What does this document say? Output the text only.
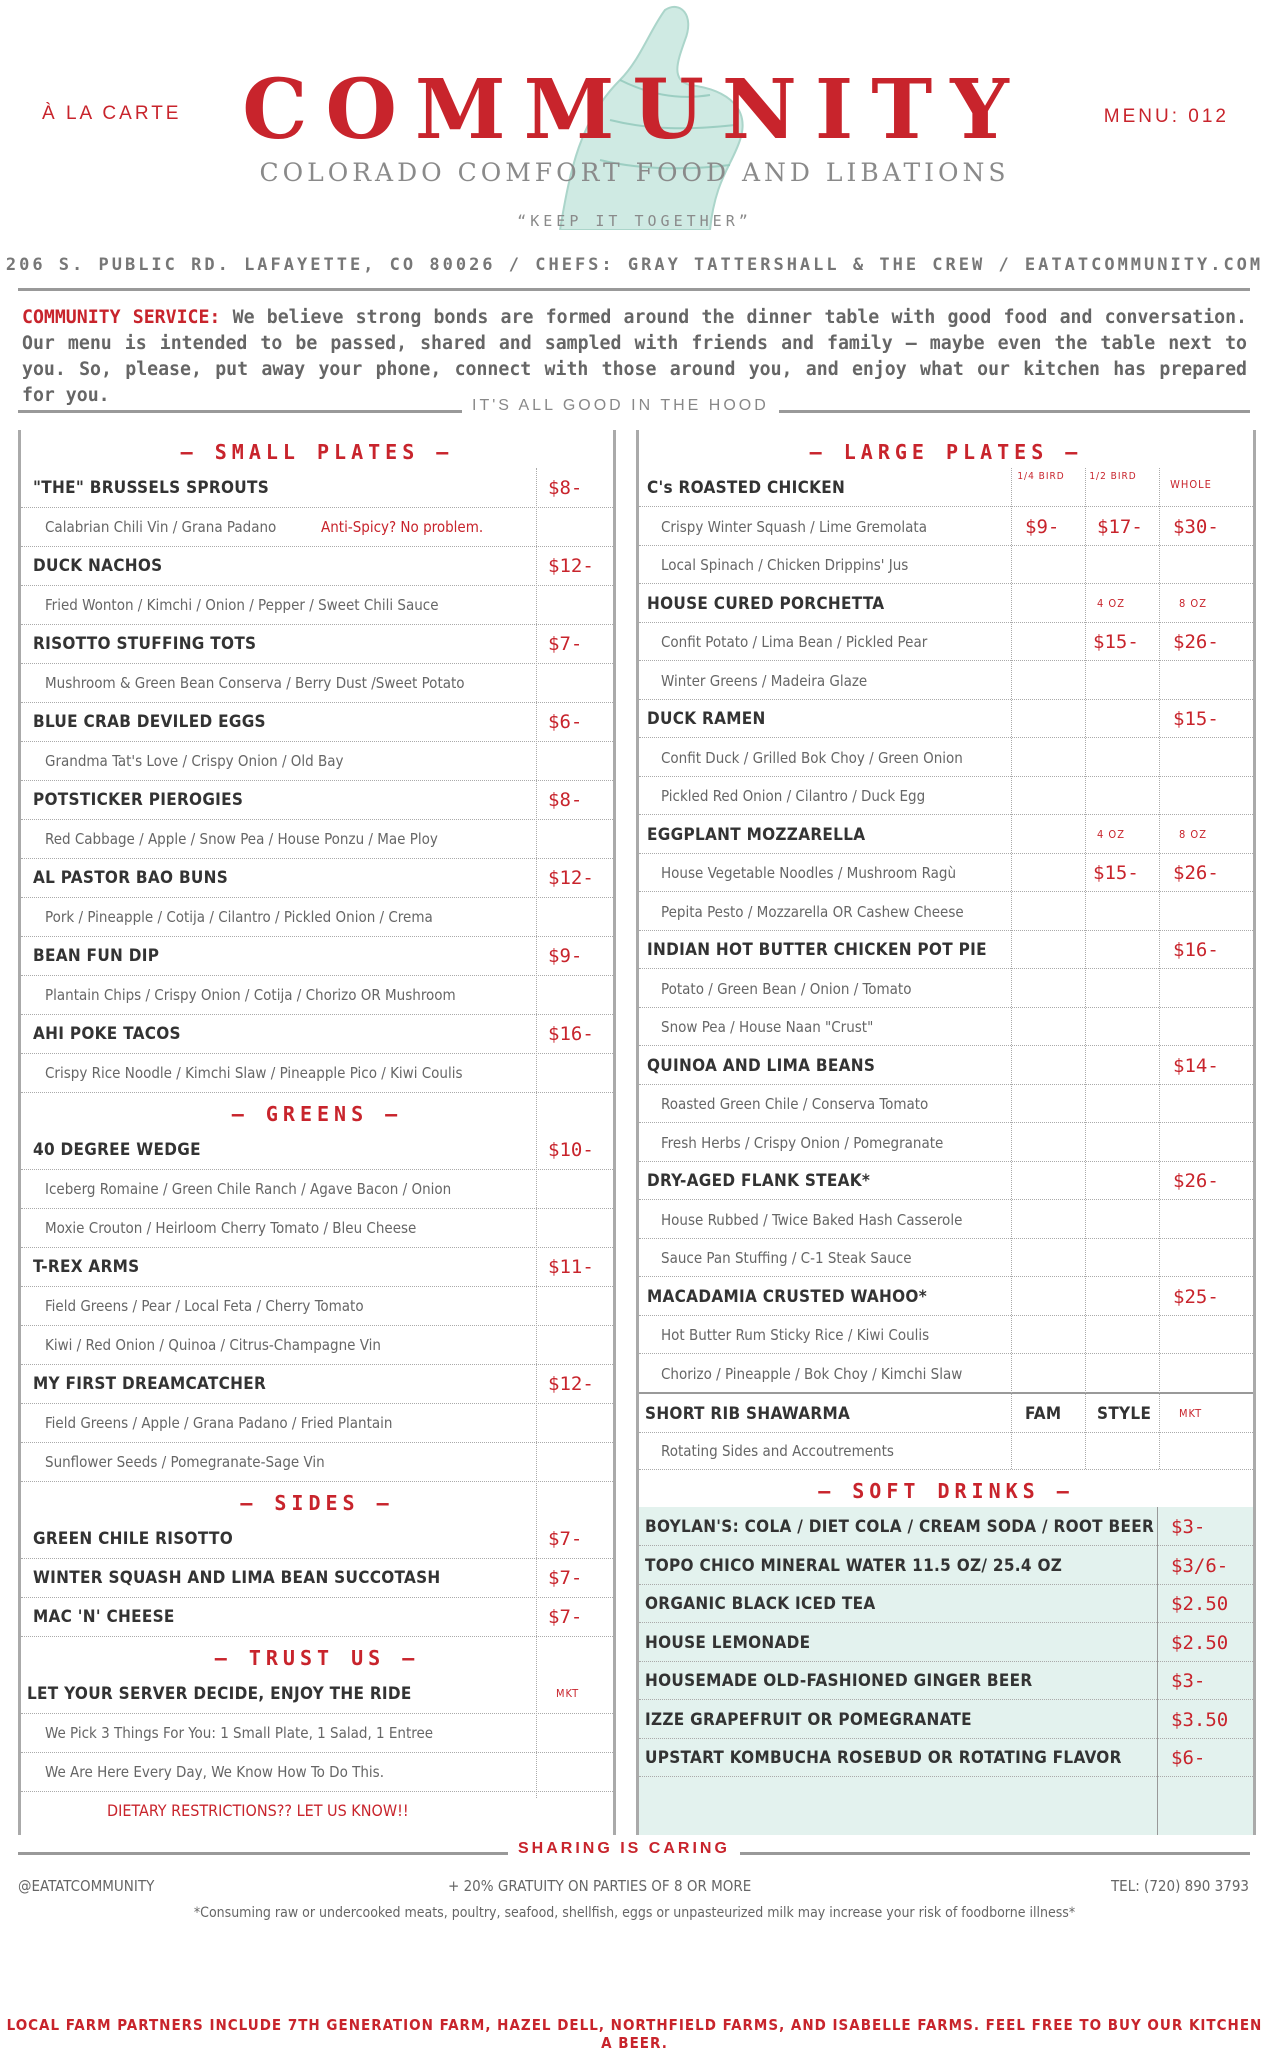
À LA CARTE	MENU: 012
COMMUNITY
COLORADO COMFORT FOOD AND LIBATIONS
“KEEP IT TOGETHER”
206 S. PUBLIC RD. LAFAYETTE, CO 80026 / CHEFS: GRAY TATTERSHALL & THE CREW / EATATCOMMUNITY.COM
COMMUNITY SERVICE: We believe strong bonds are formed around the dinner table with good food and conversation. Our menu is intended to be passed, shared and sampled with friends and family – maybe even the table next to you. So, please, put away your phone, connect with those around you, and enjoy what our kitchen has prepared for you.	IT'S ALL GOOD IN THE HOOD
— SMALL PLATES —
"THE" BRUSSELS SPROUTS	$8-
Calabrian Chili Vin / Grana Padano	Anti-Spicy? No problem.
DUCK NACHOS	$12-
Fried Wonton / Kimchi / Onion / Pepper / Sweet Chili Sauce
RISOTTO STUFFING TOTS	$7-
Mushroom & Green Bean Conserva / Berry Dust /Sweet Potato
BLUE CRAB DEVILED EGGS	$6-
Grandma Tat's Love / Crispy Onion / Old Bay
POTSTICKER PIEROGIES	$8-
Red Cabbage / Apple / Snow Pea / House Ponzu / Mae Ploy
AL PASTOR BAO BUNS	$12-
Pork / Pineapple / Cotija / Cilantro / Pickled Onion / Crema
BEAN FUN DIP	$9-
Plantain Chips / Crispy Onion / Cotija / Chorizo OR Mushroom
AHI POKE TACOS	$16-
Crispy Rice Noodle / Kimchi Slaw / Pineapple Pico / Kiwi Coulis
— GREENS —
40 DEGREE WEDGE	$10-
Iceberg Romaine / Green Chile Ranch / Agave Bacon / Onion
Moxie Crouton / Heirloom Cherry Tomato / Bleu Cheese
T-REX ARMS	$11-
Field Greens / Pear / Local Feta / Cherry Tomato
Kiwi / Red Onion / Quinoa / Citrus-Champagne Vin
MY FIRST DREAMCATCHER	$12-
Field Greens / Apple / Grana Padano / Fried Plantain
Sunflower Seeds / Pomegranate-Sage Vin
— SIDES —
GREEN CHILE RISOTTO	$7-
WINTER SQUASH AND LIMA BEAN SUCCOTASH	$7-
MAC 'N' CHEESE	$7-
— TRUST US —
LET YOUR SERVER DECIDE, ENJOY THE RIDE	MKT
We Pick 3 Things For You: 1 Small Plate, 1 Salad, 1 Entree
We Are Here Every Day, We Know How To Do This.
DIETARY RESTRICTIONS?? LET US KNOW!!
— LARGE PLATES —
C's ROASTED CHICKEN
1/4 BIRD 1/2 BIRD
WHOLE
Crispy Winter Squash / Lime Gremolata	$9- $17- $30-
Local Spinach / Chicken Drippins' Jus
HOUSE CURED PORCHETTA	4 OZ	8 OZ
Confit Potato / Lima Bean / Pickled Pear	$15- $26-
Winter Greens / Madeira Glaze
DUCK RAMEN	$15-
Confit Duck / Grilled Bok Choy / Green Onion
Pickled Red Onion / Cilantro / Duck Egg
EGGPLANT MOZZARELLA	4 OZ	8 OZ
House Vegetable Noodles / Mushroom Ragù	$15- $26-
Pepita Pesto / Mozzarella OR Cashew Cheese
INDIAN HOT BUTTER CHICKEN POT PIE	$16-
Potato / Green Bean / Onion / Tomato
Snow Pea / House Naan "Crust"
QUINOA AND LIMA BEANS	$14-
Roasted Green Chile / Conserva Tomato
Fresh Herbs / Crispy Onion / Pomegranate
DRY-AGED FLANK STEAK*	$26-
House Rubbed / Twice Baked Hash Casserole
Sauce Pan Stuffing / C-1 Steak Sauce
MACADAMIA CRUSTED WAHOO*	$25-
Hot Butter Rum Sticky Rice / Kiwi Coulis
Chorizo / Pineapple / Bok Choy / Kimchi Slaw
SHORT RIB SHAWARMA	FAM STYLE	MKT
Rotating Sides and Accoutrements
— SOFT DRINKS —
BOYLAN'S: COLA / DIET COLA / CREAM SODA / ROOT BEER $3-
TOPO CHICO MINERAL WATER 11.5 OZ/ 25.4 OZ	$3/6-
ORGANIC BLACK ICED TEA	$2.50
HOUSE LEMONADE	$2.50
HOUSEMADE OLD-FASHIONED GINGER BEER	$3-
IZZE GRAPEFRUIT OR POMEGRANATE	$3.50
UPSTART KOMBUCHA ROSEBUD OR ROTATING FLAVOR	$6-
SHARING IS CARING
@EATATCOMMUNITY	+ 20% GRATUITY ON PARTIES OF 8 OR MORE	TEL: (720) 890 3793
*Consuming raw or undercooked meats, poultry, seafood, shellfish, eggs or unpasteurized milk may increase your risk of foodborne illness*
LOCAL FARM PARTNERS INCLUDE 7TH GENERATION FARM, HAZEL DELL, NORTHFIELD FARMS, AND ISABELLE FARMS. FEEL FREE TO BUY OUR KITCHEN A BEER.
